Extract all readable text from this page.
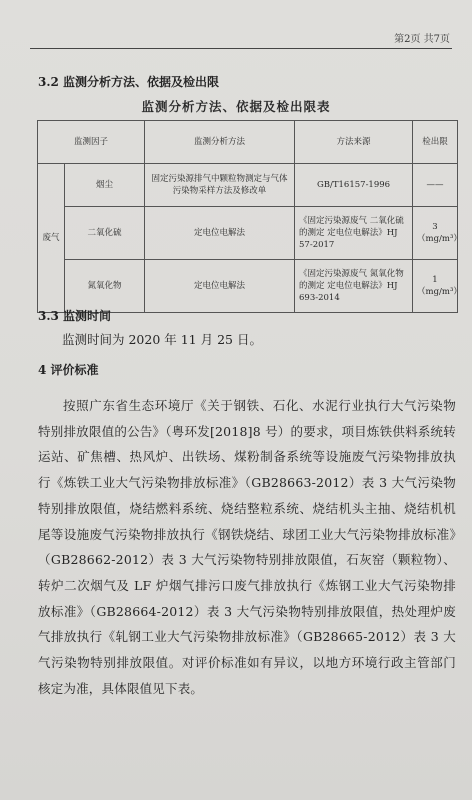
第2页 共7页
3.2 监测分析方法、依据及检出限
监测分析方法、依据及检出限表
监测因子		监测分析方法	方法来源	检出限
废气	烟尘	固定污染源排气中颗粒物测定与气体污染物采样方法及修改单	GB/T16157-1996	——
	二氧化硫	定电位电解法	《固定污染源废气 二氧化硫的测定 定电位电解法》HJ 57-2017	3（mg/m³）
	氮氧化物	定电位电解法	《固定污染源废气 氮氧化物的测定 定电位电解法》HJ 693-2014	1（mg/m³）
3.3 监测时间
监测时间为 2020 年 11 月 25 日。
4 评价标准
按照广东省生态环境厅《关于钢铁、石化、水泥行业执行大气污染物特别排放限值的公告》（粤环发[2018]8 号）的要求，项目炼铁供料系统转运站、矿焦槽、热风炉、出铁场、煤粉制备系统等设施废气污染物排放执行《炼铁工业大气污染物排放标准》（GB28663-2012）表 3 大气污染物特别排放限值，烧结燃料系统、烧结整粒系统、烧结机头主抽、烧结机机尾等设施废气污染物排放执行《钢铁烧结、球团工业大气污染物排放标准》（GB28662-2012）表 3 大气污染物特别排放限值，石灰窑（颗粒物）、转炉二次烟气及 LF 炉烟气排污口废气排放执行《炼钢工业大气污染物排放标准》（GB28664-2012）表 3 大气污染物特别排放限值，热处理炉废气排放执行《轧钢工业大气污染物排放标准》（GB28665-2012）表 3 大气污染物特别排放限值。对评价标准如有异议，以地方环境行政主管部门核定为准，具体限值见下表。
